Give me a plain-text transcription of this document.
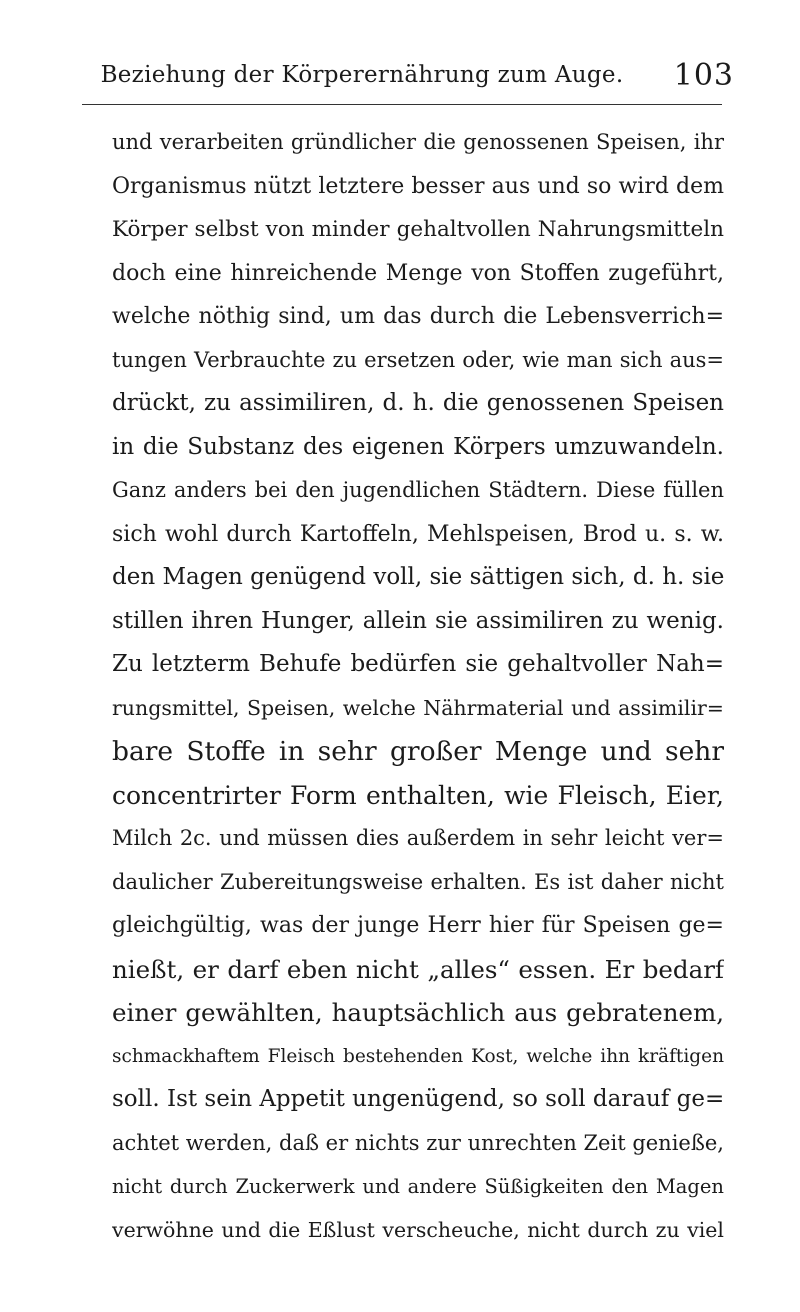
Beziehung der Körperernährung zum Auge.	103
und verarbeiten gründlicher die genossenen Speisen, ihr
Organismus nützt letztere besser aus und so wird dem
Körper selbst von minder gehaltvollen Nahrungsmitteln
doch eine hinreichende Menge von Stoffen zugeführt,
welche nöthig sind, um das durch die Lebensverrich=
tungen Verbrauchte zu ersetzen oder, wie man sich aus=
drückt, zu assimiliren, d. h. die genossenen Speisen
in die Substanz des eigenen Körpers umzuwandeln.
Ganz anders bei den jugendlichen Städtern. Diese füllen
sich wohl durch Kartoffeln, Mehlspeisen, Brod u. s. w.
den Magen genügend voll, sie sättigen sich, d. h. sie
stillen ihren Hunger, allein sie assimiliren zu wenig.
Zu letzterm Behufe bedürfen sie gehaltvoller Nah=
rungsmittel, Speisen, welche Nährmaterial und assimilir=
bare Stoffe in sehr großer Menge und sehr
concentrirter Form enthalten, wie Fleisch, Eier,
Milch 2c. und müssen dies außerdem in sehr leicht ver=
daulicher Zubereitungsweise erhalten. Es ist daher nicht
gleichgültig, was der junge Herr hier für Speisen ge=
nießt, er darf eben nicht „alles“ essen. Er bedarf
einer gewählten, hauptsächlich aus gebratenem,
schmackhaftem Fleisch bestehenden Kost, welche ihn kräftigen
soll. Ist sein Appetit ungenügend, so soll darauf ge=
achtet werden, daß er nichts zur unrechten Zeit genieße,
nicht durch Zuckerwerk und andere Süßigkeiten den Magen
verwöhne und die Eßlust verscheuche, nicht durch zu viel
